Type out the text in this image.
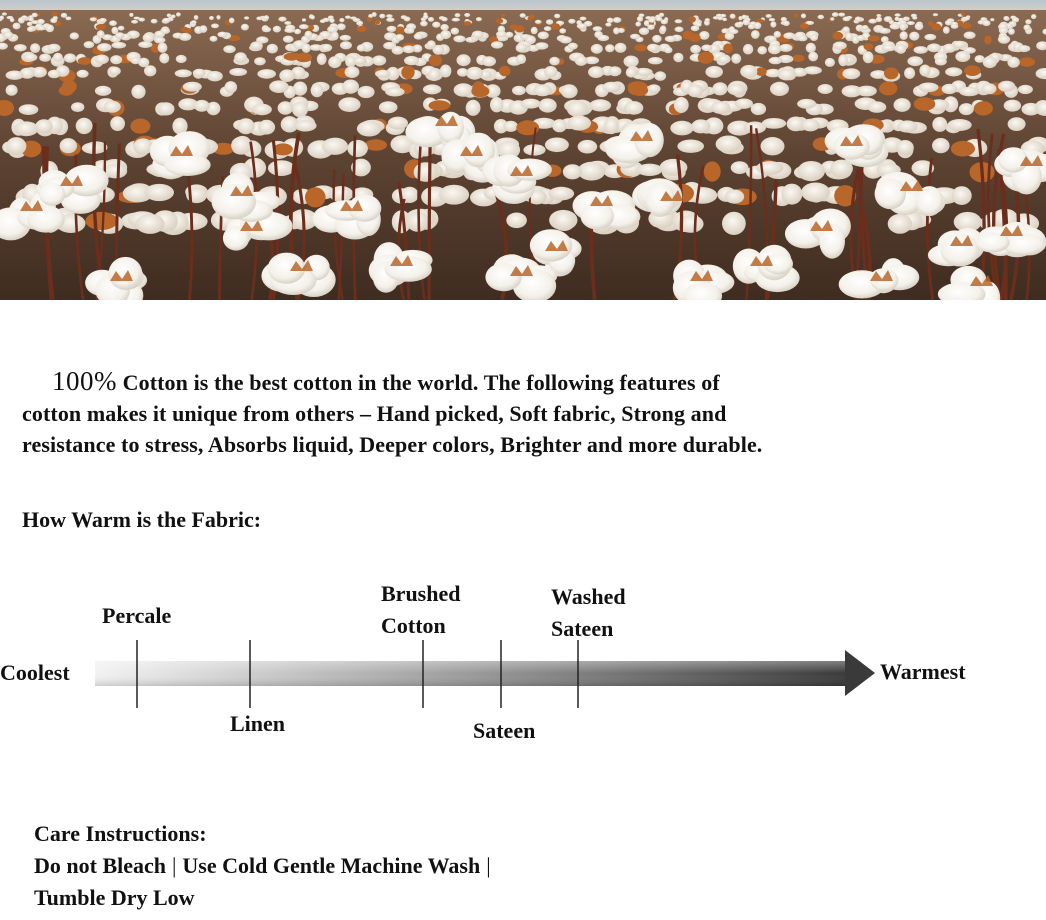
100% Cotton is the best cotton in the world. The following features of
cotton makes it unique from others – Hand picked, Soft fabric, Strong and
resistance to stress, Absorbs liquid, Deeper colors, Brighter and more durable.
How Warm is the Fabric:
Coolest	Warmest
Percale
Linen
Brushed
Cotton
Sateen
Washed
Sateen
Care Instructions:
Do not Bleach | Use Cold Gentle Machine Wash |
Tumble Dry Low
